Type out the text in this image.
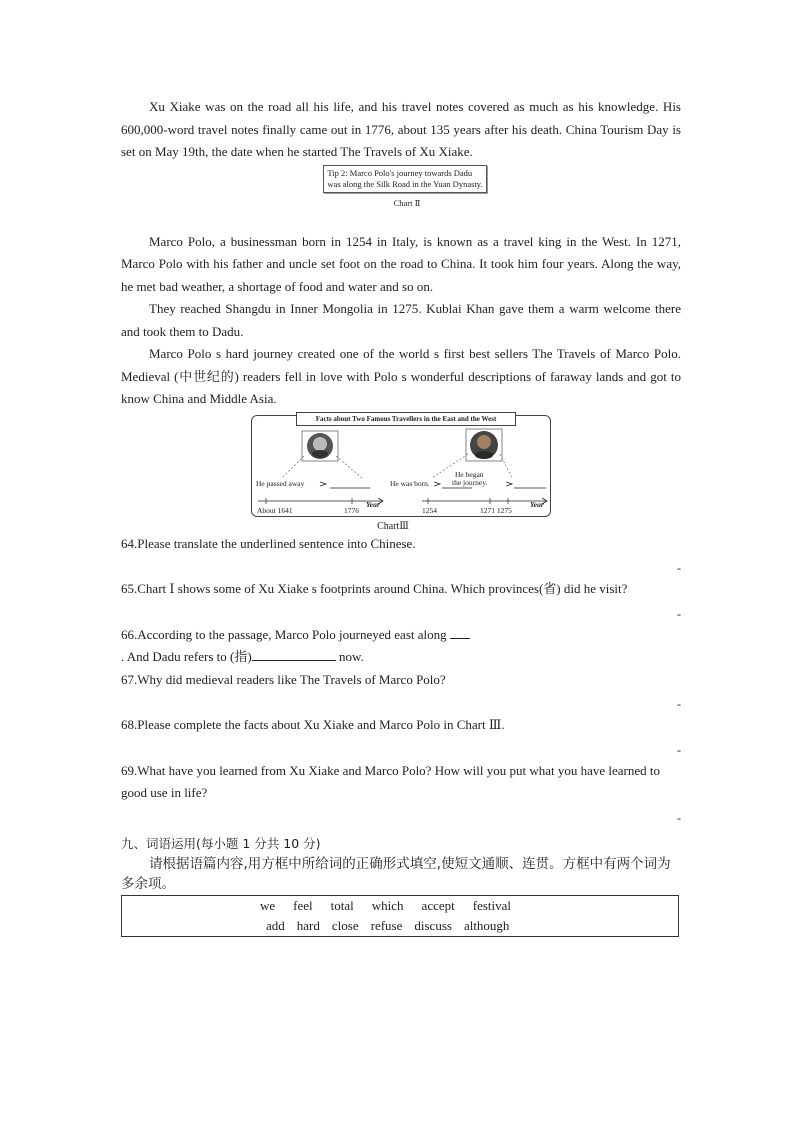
Xu Xiake was on the road all his life, and his travel notes covered as much as his knowledge. His 600,000-word travel notes finally came out in 1776, about 135 years after his death. China Tourism Day is set on May 19th, the date when he started The Travels of Xu Xiake.

Tip 2: Marco Polo's journey towards Dadu
was along the Silk Road in the Yuan Dynasty.
Chart Ⅱ

Marco Polo, a businessman born in 1254 in Italy, is known as a travel king in the West. In 1271, Marco Polo with his father and uncle set foot on the road to China. It took him four years. Along the way, he met bad weather, a shortage of food and water and so on.

They reached Shangdu in Inner Mongolia in 1275. Kublai Khan gave them a warm welcome there and took them to Dadu.

Marco Polo s hard journey created one of the world s first best sellers The Travels of Marco Polo. Medieval (中世纪的) readers fell in love with Polo s wonderful descriptions of faraway lands and got to know China and Middle Asia.

Facts about Two Famous Travellers in the East and the West
He passed away
About 1641	1776
Year
He was born.
He began
the journey.
1254	1271 1275
Year
ChartⅢ

64.Please translate the underlined sentence into Chinese.

-

65.Chart Ⅰ shows some of Xu Xiake s footprints around China. Which provinces(省) did he visit?

-

66.According to the passage, Marco Polo journeyed east along

. And Dadu refers to (指)	now.

67.Why did medieval readers like The Travels of Marco Polo?

-

68.Please complete the facts about Xu Xiake and Marco Polo in Chart Ⅲ.

-

69.What have you learned from Xu Xiake and Marco Polo? How will you put what you have learned to good use in life?

-

九、词语运用(每小题 1 分共 10 分)

请根据语篇内容,用方框中所给词的正确形式填空,使短文通顺、连贯。方框中有两个词为多余项。

we feel total which accept festival
add hard close refuse discuss although
